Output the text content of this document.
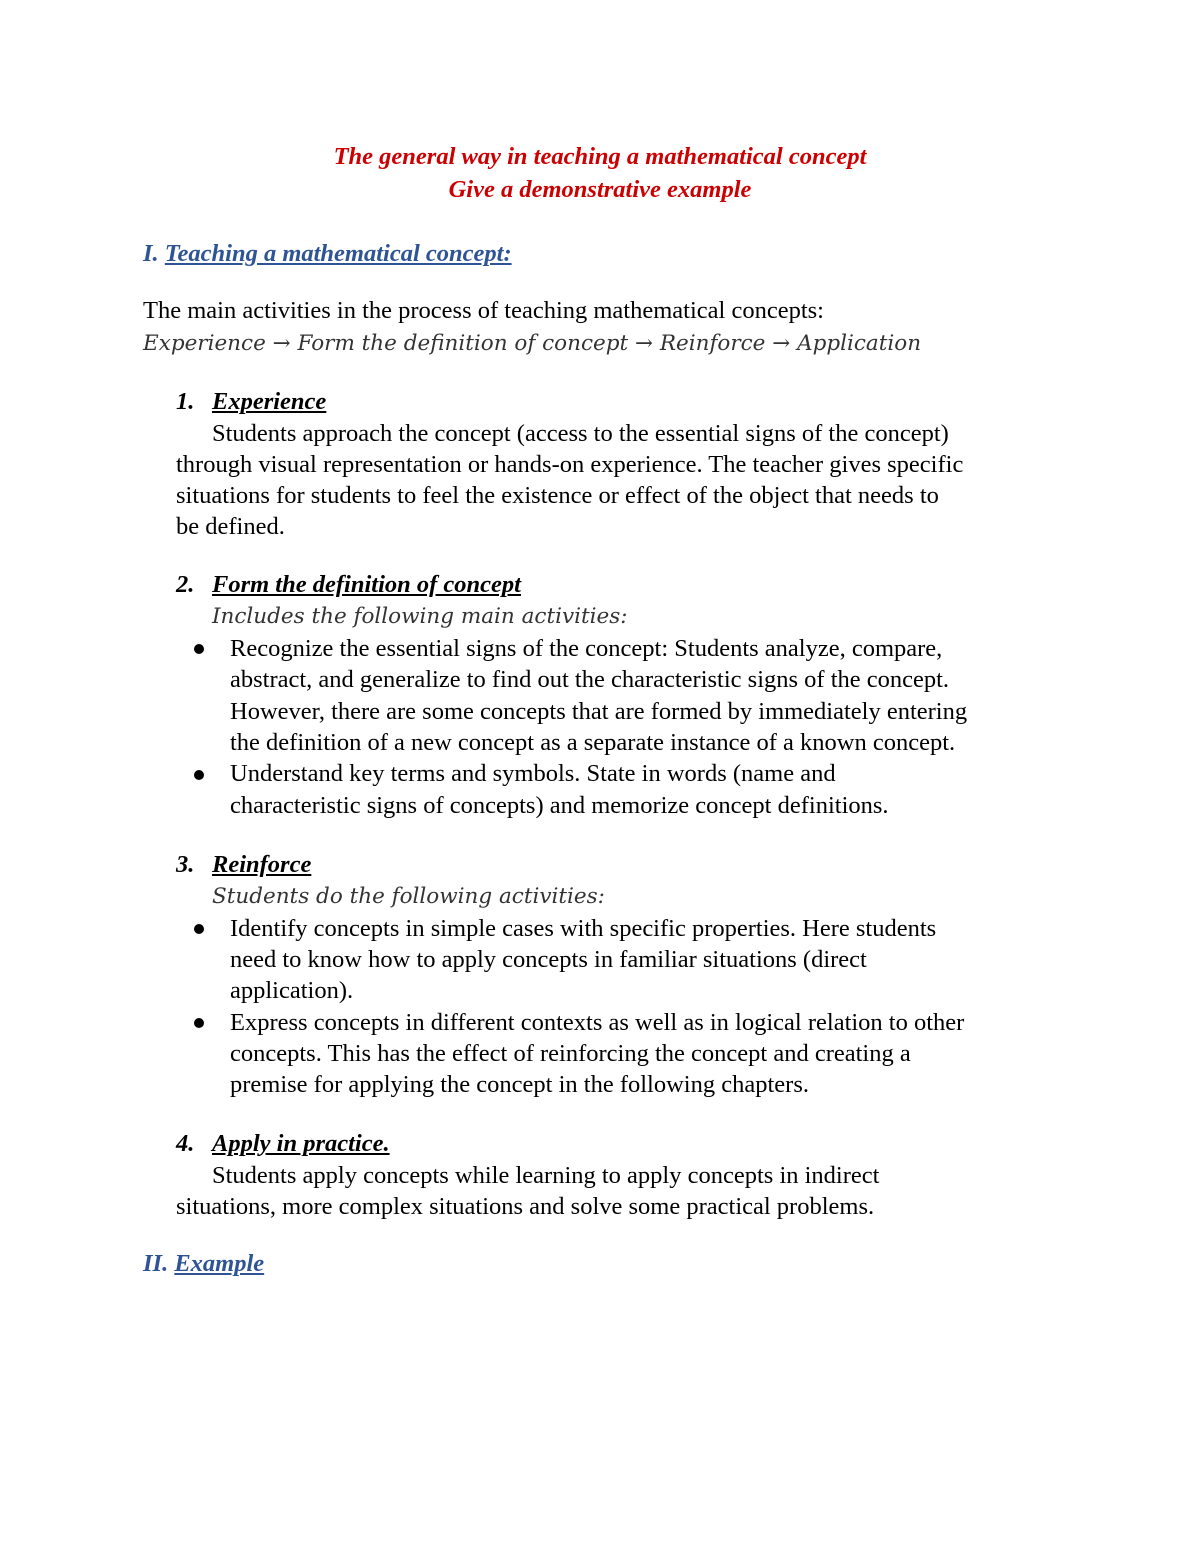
The general way in teaching a mathematical concept
Give a demonstrative example
I. Teaching a mathematical concept:
The main activities in the process of teaching mathematical concepts:
Experience → Form the definition of concept → Reinforce → Application
1. Experience
Students approach the concept (access to the essential signs of the concept)
through visual representation or hands-on experience. The teacher gives specific
situations for students to feel the existence or effect of the object that needs to
be defined.
2. Form the definition of concept
Includes the following main activities:
Recognize the essential signs of the concept: Students analyze, compare,
abstract, and generalize to find out the characteristic signs of the concept.
However, there are some concepts that are formed by immediately entering
the definition of a new concept as a separate instance of a known concept.
Understand key terms and symbols. State in words (name and
characteristic signs of concepts) and memorize concept definitions.
3. Reinforce
Students do the following activities:
Identify concepts in simple cases with specific properties. Here students
need to know how to apply concepts in familiar situations (direct
application).
Express concepts in different contexts as well as in logical relation to other
concepts. This has the effect of reinforcing the concept and creating a
premise for applying the concept in the following chapters.
4. Apply in practice.
Students apply concepts while learning to apply concepts in indirect
situations, more complex situations and solve some practical problems.
II. Example
